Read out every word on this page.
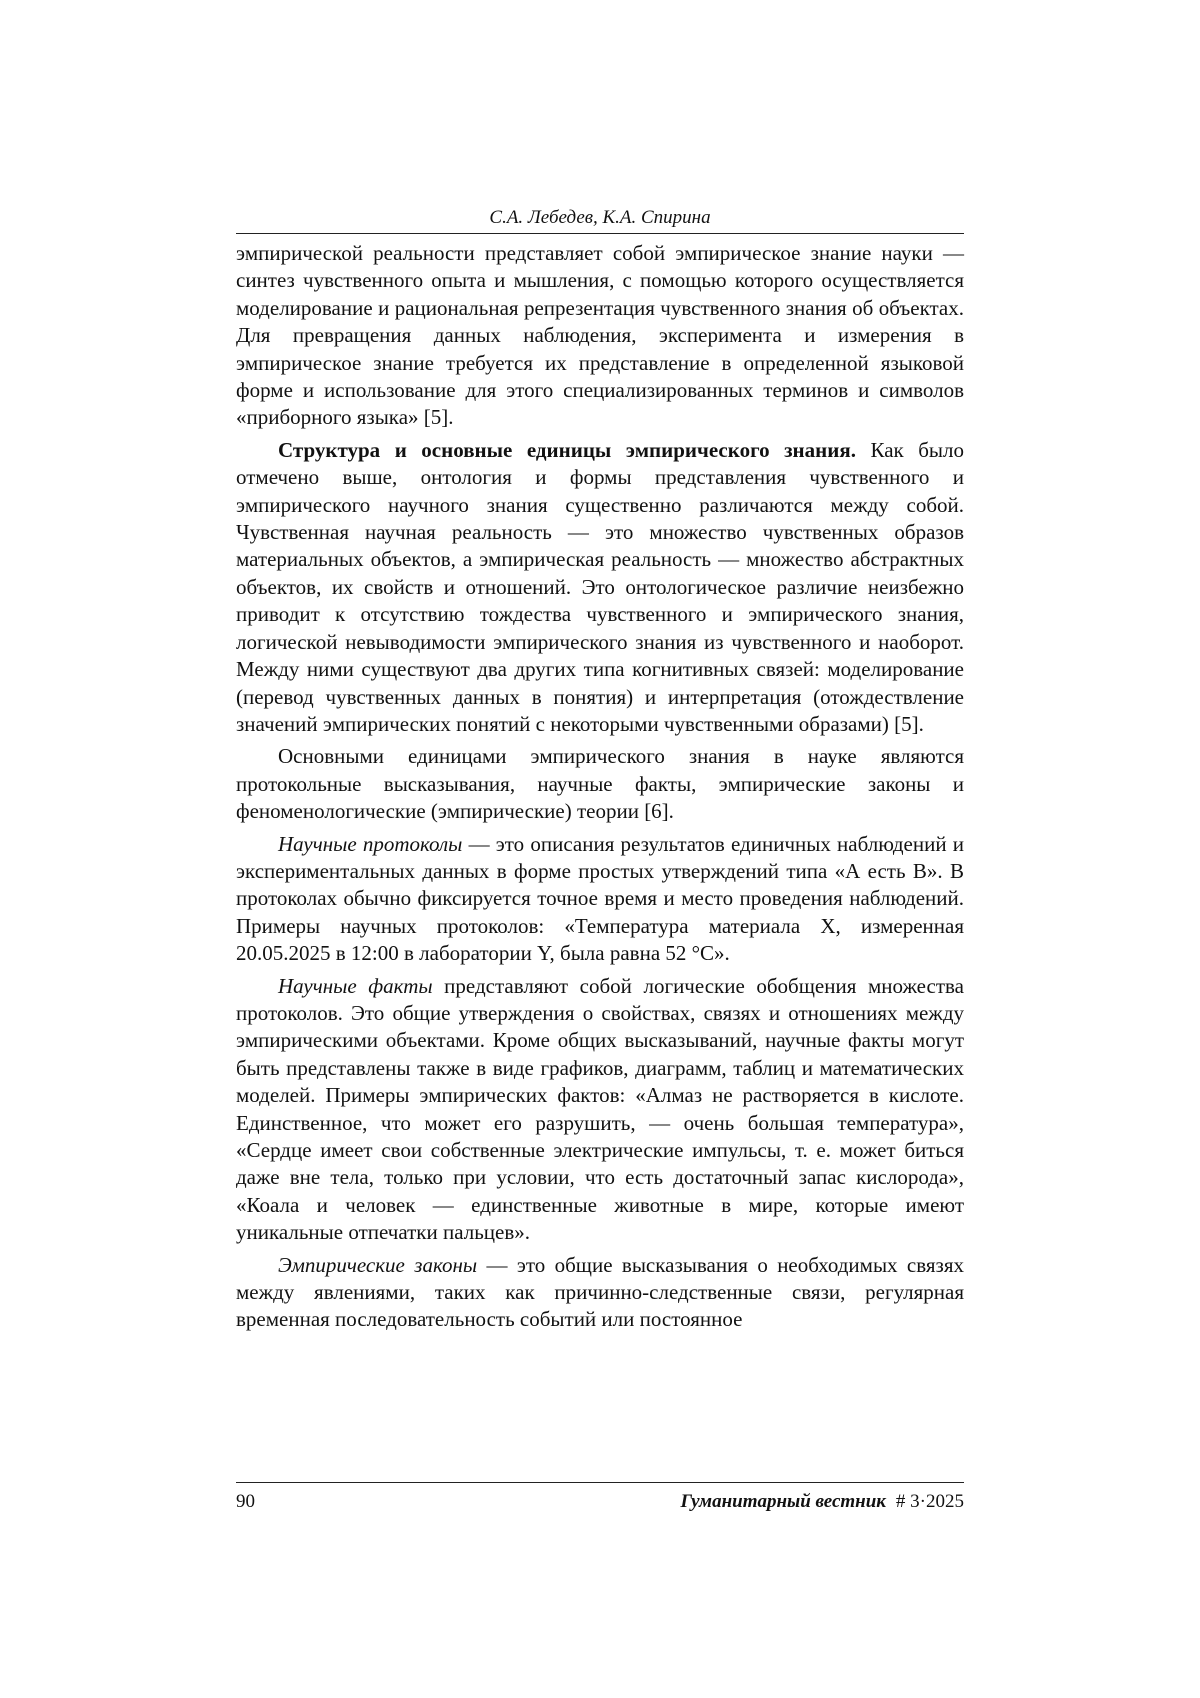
С.А. Лебедев, К.А. Спирина

эмпирической реальности представляет собой эмпирическое знание науки — синтез чувственного опыта и мышления, с помощью которого осуществляется моделирование и рациональная репрезентация чувственного знания об объектах. Для превращения данных наблюдения, эксперимента и измерения в эмпирическое знание требуется их представление в определенной языковой форме и использование для этого специализированных терминов и символов «приборного языка» [5].

Структура и основные единицы эмпирического знания. Как было отмечено выше, онтология и формы представления чувственного и эмпирического научного знания существенно различаются между собой. Чувственная научная реальность — это множество чувственных образов материальных объектов, а эмпирическая реальность — множество абстрактных объектов, их свойств и отношений. Это онтологическое различие неизбежно приводит к отсутствию тождества чувственного и эмпирического знания, логической невыводимости эмпирического знания из чувственного и наоборот. Между ними существуют два других типа когнитивных связей: моделирование (перевод чувственных данных в понятия) и интерпретация (отождествление значений эмпирических понятий с некоторыми чувственными образами) [5].

Основными единицами эмпирического знания в науке являются протокольные высказывания, научные факты, эмпирические законы и феноменологические (эмпирические) теории [6].

Научные протоколы — это описания результатов единичных наблюдений и экспериментальных данных в форме простых утверждений типа «А есть В». В протоколах обычно фиксируется точное время и место проведения наблюдений. Примеры научных протоколов: «Температура материала X, измеренная 20.05.2025 в 12:00 в лаборатории Y, была равна 52 °С».

Научные факты представляют собой логические обобщения множества протоколов. Это общие утверждения о свойствах, связях и отношениях между эмпирическими объектами. Кроме общих высказываний, научные факты могут быть представлены также в виде графиков, диаграмм, таблиц и математических моделей. Примеры эмпирических фактов: «Алмаз не растворяется в кислоте. Единственное, что может его разрушить, — очень большая температура», «Сердце имеет свои собственные электрические импульсы, т. е. может биться даже вне тела, только при условии, что есть достаточный запас кислорода», «Коала и человек — единственные животные в мире, которые имеют уникальные отпечатки пальцев».

Эмпирические законы — это общие высказывания о необходимых связях между явлениями, таких как причинно-следственные связи, регулярная временная последовательность событий или постоянное

90	Гуманитарный вестник # 3·2025
